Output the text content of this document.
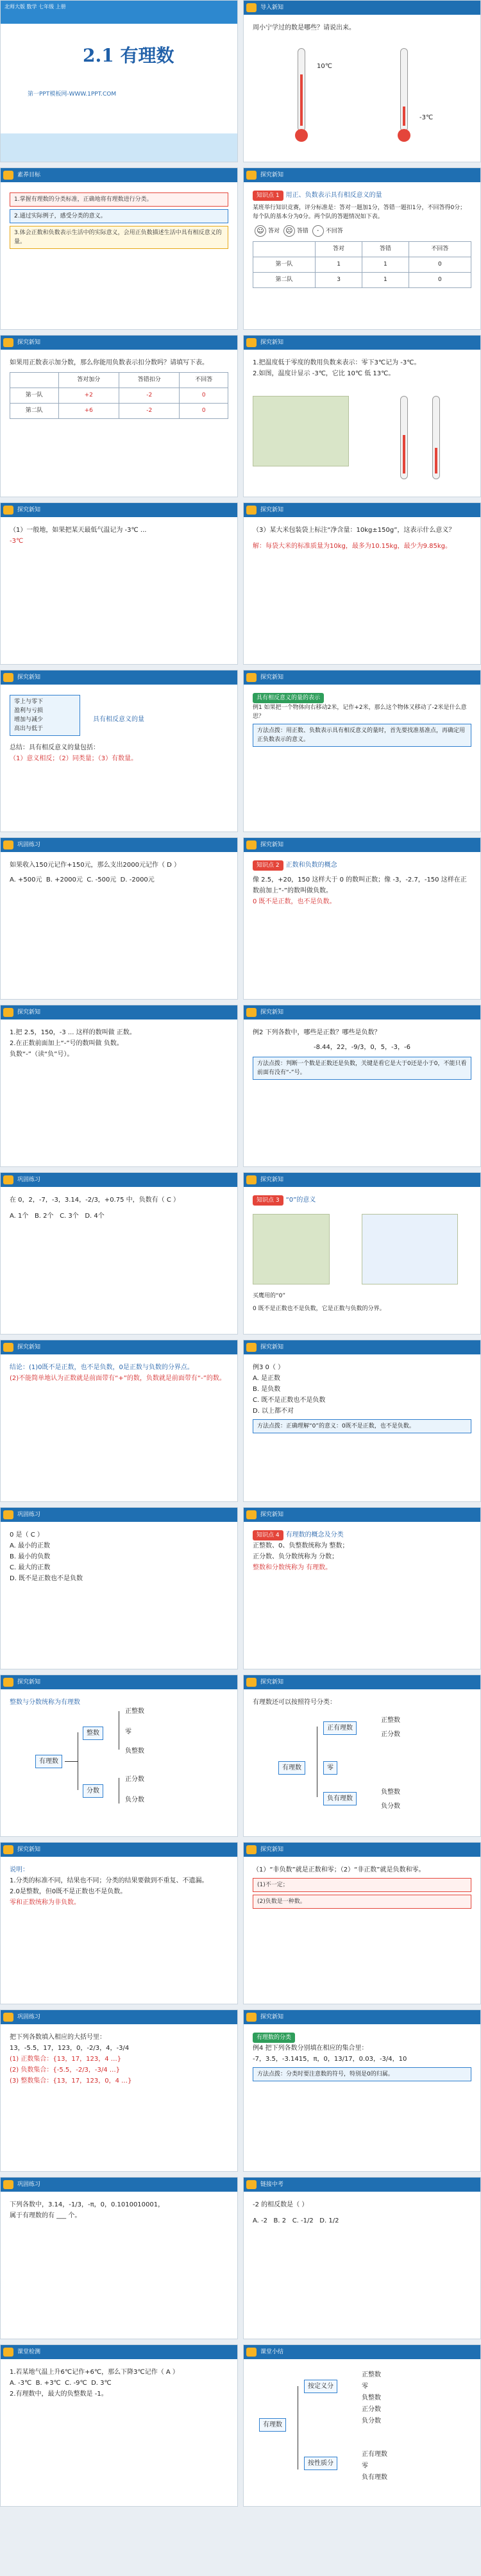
北师大版 数学 七年级 上册
2.1 有理数
第一PPT模板网-WWW.1PPT.COM
导入新知
周小宁学过的数是哪些？请说出来。
10℃
-3℃
素养目标
1.掌握有理数的分类标准，正确地将有理数进行分类。
2.通过实际例子，感受分类的意义。
3.体会正数和负数表示生活中的实际意义，会用正负数描述生活中具有相反意义的量。
探究新知
知识点 1 用正、负数表示具有相反意义的量
某班举行知识竞赛，评分标准是：答对一题加1分，答错一题扣1分，不回答得0分；每个队的基本分为0分。两个队的答题情况如下表。
☺ 答对 ☹ 答错 · 不回答
	答对	答错	不回答
第一队	1	1	0
第二队	3	1	0
探究新知
如果用正数表示加分数，那么你能用负数表示扣分数吗？请填写下表。
	答对加分	答错扣分	不回答
第一队	+2	-2	0
第二队	+6	-2	0
探究新知
1.把温度低于零度的数用负数来表示：零下3℃记为 -3℃。
2.如图，温度计显示 -3℃，它比 10℃ 低 13℃。
探究新知
（1）一般地，如果把某天最低气温记为 -3℃ ...
-3℃
探究新知
（3）某大米包装袋上标注“净含量：10kg±150g”，这表示什么意义？
解：每袋大米的标准质量为10kg，最多为10.15kg，最少为9.85kg。
探究新知
零上与零下
盈利与亏损
增加与减少
高出与低于
具有相反意义的量
总结：具有相反意义的量包括：
（1）意义相反；（2）同类量；（3）有数量。
探究新知
具有相反意义的量的表示
例1 如果把一个物体向右移动2米，记作+2米，那么这个物体又移动了-2米是什么意思？
方法点拨：用正数、负数表示具有相反意义的量时，首先要找准基准点，再确定用正负数表示的意义。
巩固练习
如果收入150元记作+150元，那么支出2000元记作（ D ）
A. +500元 B. +2000元 C. -500元 D. -2000元
探究新知
知识点 2 正数和负数的概念
像 2.5，+20，150 这样大于 0 的数叫正数；像 -3，-2.7，-150 这样在正数前加上“-”的数叫做负数。
0 既不是正数，也不是负数。
探究新知
1.把 2.5，150，-3 ... 这样的数叫做 正数。
2.在正数前面加上“-”号的数叫做 负数。
负数“-”（读“负”号）。
探究新知
例2 下列各数中，哪些是正数？哪些是负数？
-8.44，22，-9/3，0，5，-3，-6
方法点拨：判断一个数是正数还是负数，关键是看它是大于0还是小于0，不能只看前面有没有“-”号。
巩固练习
在 0，2，-7，-3，3.14，-2/3，+0.75 中，负数有（ C ）
A. 1个 B. 2个 C. 3个 D. 4个
探究新知
知识点 3 “0”的意义
买鹰用的“0”
0 既不是正数也不是负数，它是正数与负数的分界。
探究新知
结论：(1)0既不是正数，也不是负数，0是正数与负数的分界点。
(2)不能简单地认为正数就是前面带有“+”的数，负数就是前面带有“-”的数。
探究新知
例3 0（ ）
A. 是正数
B. 是负数
C. 既不是正数也不是负数
D. 以上都不对
方法点拨：正确理解“0”的意义：0既不是正数，也不是负数。
巩固练习
0 是（ C ）
A. 最小的正数
B. 最小的负数
C. 最大的正数
D. 既不是正数也不是负数
探究新知
知识点 4 有理数的概念及分类
正整数、0、负整数统称为 整数；
正分数、负分数统称为 分数；
整数和分数统称为 有理数。
探究新知
整数与分数统称为有理数
有理数
整数
分数
正整数
零
负整数
正分数
负分数
探究新知
有理数还可以按照符号分类：
有理数
正有理数
零
负有理数
正整数
正分数
负整数
负分数
探究新知
说明：
1.分类的标准不同，结果也不同；分类的结果要做到不重复、不遗漏。
2.0是整数，但0既不是正数也不是负数。
零和正数统称为非负数。
探究新知
（1）“非负数”就是正数和零；（2）“非正数”就是负数和零。
(1)不一定；
(2)负数是一种数。
巩固练习
把下列各数填入相应的大括号里：
13，-5.5，17，123，0，-2/3，4，-3/4
(1) 正数集合：{13，17，123，4 …}
(2) 负数集合：{-5.5，-2/3，-3/4 …}
(3) 整数集合：{13，17，123，0，4 …}
探究新知
有理数的分类
例4 把下列各数分别填在相应的集合里：
-7，3.5，-3.1415，π，0，13/17，0.03，-3/4，10
方法点拨：分类时要注意数的符号，特别是0的归属。
巩固练习
下列各数中，3.14，-1/3，-π，0，0.1010010001，
属于有理数的有 ___ 个。
链接中考
-2 的相反数是（ ）
A. -2 B. 2 C. -1/2 D. 1/2
课堂检测
1.若某地气温上升6℃记作+6℃，那么下降3℃记作（ A ）
A. -3℃ B. +3℃ C. -9℃ D. 3℃
2.有理数中，最大的负整数是 -1。
课堂小结
有理数
按定义分
按性质分
正整数
零
负整数
正分数
负分数
正有理数
零
负有理数
